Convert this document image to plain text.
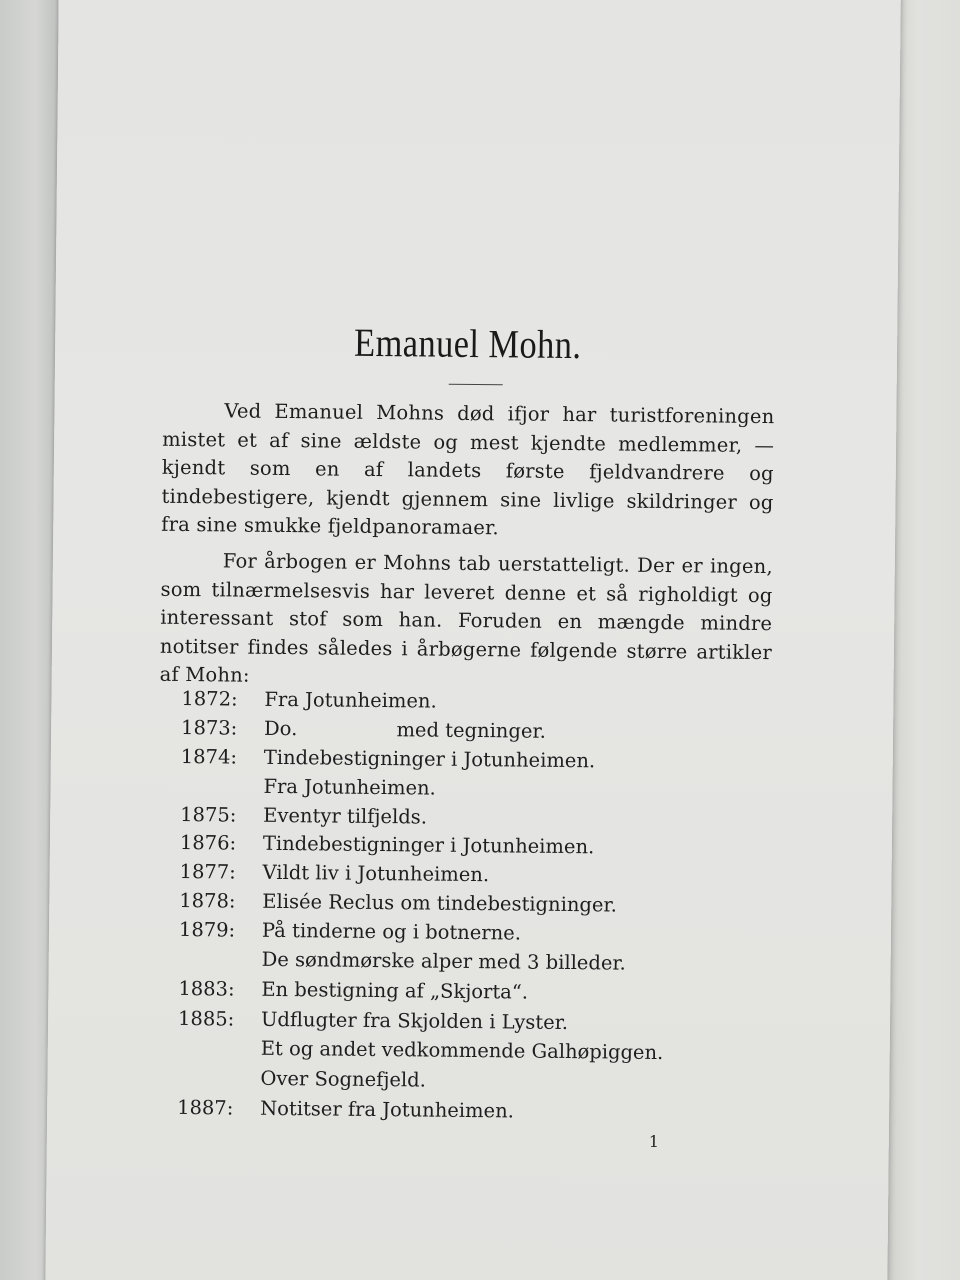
Emanuel Mohn.
Ved Emanuel Mohns død ifjor har turistforeningen mistet et af sine ældste og mest kjendte medlemmer, — kjendt som en af landets første fjeldvandrere og tindebestigere, kjendt gjennem sine livlige skildringer og fra sine smukke fjeldpanoramaer.
For årbogen er Mohns tab uerstatteligt. Der er ingen, som tilnærmelsesvis har leveret denne et så righoldigt og interessant stof som han. Foruden en mængde mindre notitser findes således i årbøgerne følgende større artikler af Mohn:
1872:	Fra Jotunheimen.
1873:	Do.                med tegninger.
1874:	Tindebestigninger i Jotunheimen.
Fra Jotunheimen.
1875:	Eventyr tilfjelds.
1876:	Tindebestigninger i Jotunheimen.
1877:	Vildt liv i Jotunheimen.
1878:	Elisée Reclus om tindebestigninger.
1879:	På tinderne og i botnerne.
De søndmørske alper med 3 billeder.
1883:	En bestigning af „Skjorta“.
1885:	Udflugter fra Skjolden i Lyster.
Et og andet vedkommende Galhøpiggen.
Over Sognefjeld.
1887:	Notitser fra Jotunheimen.
1
